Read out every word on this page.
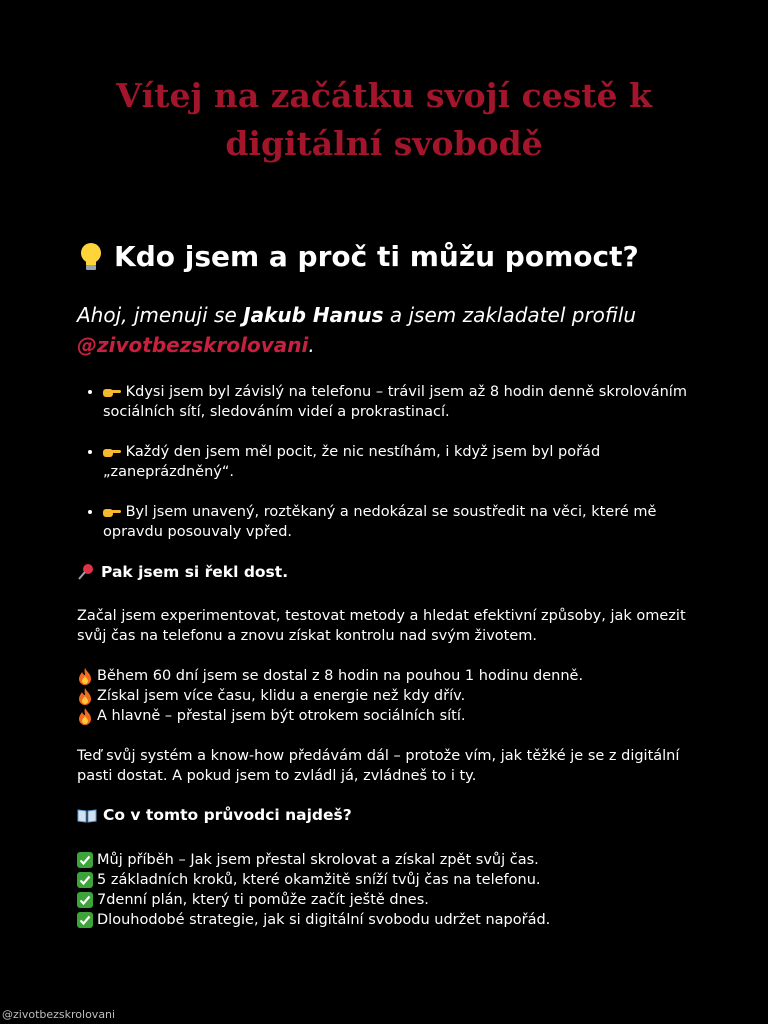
Vítej na začátku svojí cestě k digitální svobodě
Kdo jsem a proč ti můžu pomoct?

Ahoj, jmenuji se Jakub Hanus a jsem zakladatel profilu @zivotbezskrolovani.

• Kdysi jsem byl závislý na telefonu – trávil jsem až 8 hodin denně skrolováním sociálních sítí, sledováním videí a prokrastinací.
• Každý den jsem měl pocit, že nic nestíhám, i když jsem byl pořád „zaneprázdněný“.
• Byl jsem unavený, roztěkaný a nedokázal se soustředit na věci, které mě opravdu posouvaly vpřed.
Pak jsem si řekl dost.

Začal jsem experimentovat, testovat metody a hledat efektivní způsoby, jak omezit svůj čas na telefonu a znovu získat kontrolu nad svým životem.

Během 60 dní jsem se dostal z 8 hodin na pouhou 1 hodinu denně.
Získal jsem více času, klidu a energie než kdy dřív.
A hlavně – přestal jsem být otrokem sociálních sítí.

Teď svůj systém a know-how předávám dál – protože vím, jak těžké je se z digitální pasti dostat. A pokud jsem to zvládl já, zvládneš to i ty.

Co v tomto průvodci najdeš?
Můj příběh – Jak jsem přestal skrolovat a získal zpět svůj čas.
5 základních kroků, které okamžitě sníží tvůj čas na telefonu.
7denní plán, který ti pomůže začít ještě dnes.
Dlouhodobé strategie, jak si digitální svobodu udržet napořád.

@zivotbezskrolovani
